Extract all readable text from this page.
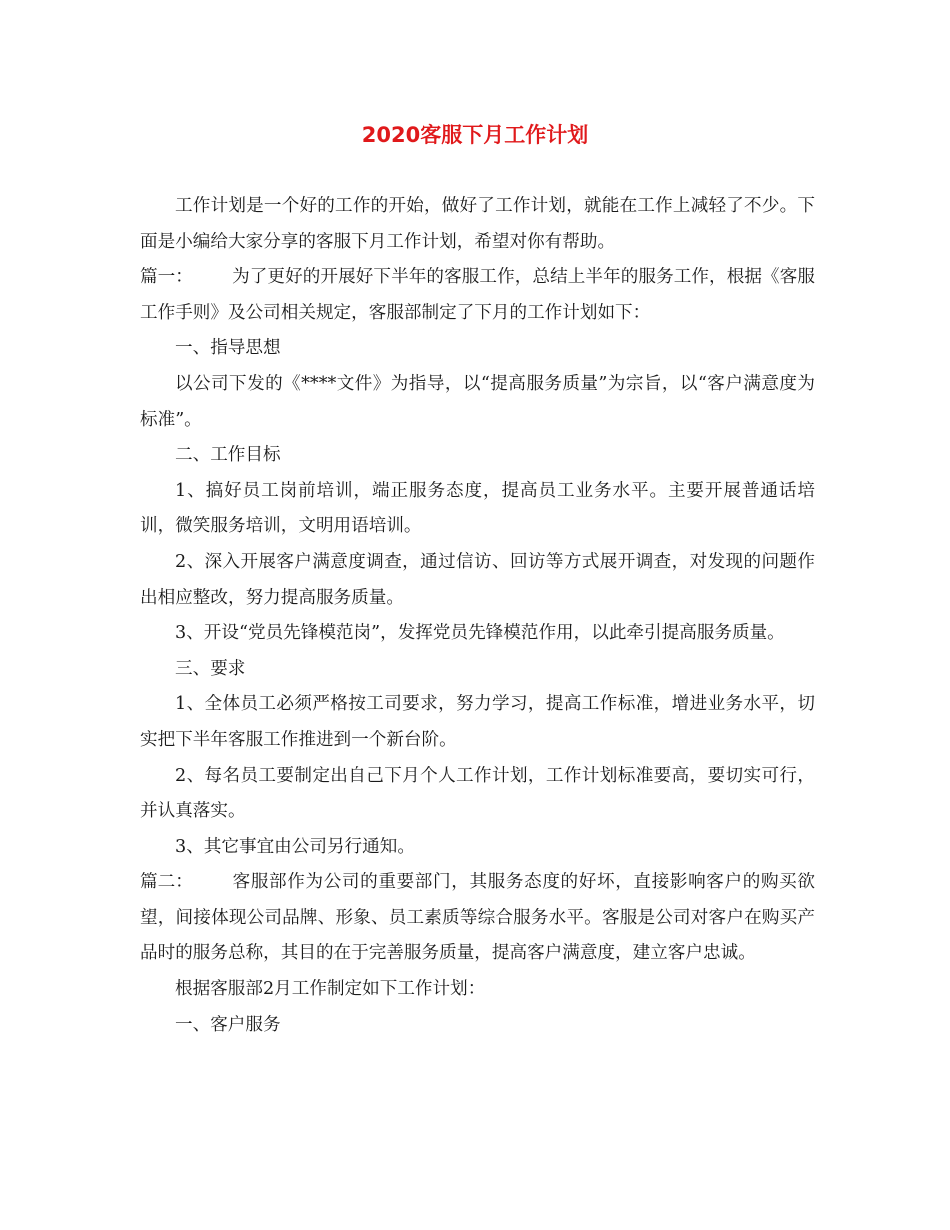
2020客服下月工作计划

工作计划是一个好的工作的开始，做好了工作计划，就能在工作上减轻了不少。下面是小编给大家分享的客服下月工作计划，希望对你有帮助。

篇一： 为了更好的开展好下半年的客服工作，总结上半年的服务工作，根据《客服工作手则》及公司相关规定，客服部制定了下月的工作计划如下：

一、指导思想

以公司下发的《****文件》为指导，以“提高服务质量”为宗旨，以“客户满意度为标准”。

二、工作目标

1、搞好员工岗前培训，端正服务态度，提高员工业务水平。主要开展普通话培训，微笑服务培训，文明用语培训。

2、深入开展客户满意度调查，通过信访、回访等方式展开调查，对发现的问题作出相应整改，努力提高服务质量。

3、开设“党员先锋模范岗”，发挥党员先锋模范作用，以此牵引提高服务质量。

三、要求

1、全体员工必须严格按工司要求，努力学习，提高工作标准，增进业务水平，切实把下半年客服工作推进到一个新台阶。

2、每名员工要制定出自己下月个人工作计划，工作计划标准要高，要切实可行，并认真落实。

3、其它事宜由公司另行通知。

篇二： 客服部作为公司的重要部门，其服务态度的好坏，直接影响客户的购买欲望，间接体现公司品牌、形象、员工素质等综合服务水平。客服是公司对客户在购买产品时的服务总称，其目的在于完善服务质量，提高客户满意度，建立客户忠诚。

根据客服部2月工作制定如下工作计划：

一、客户服务
